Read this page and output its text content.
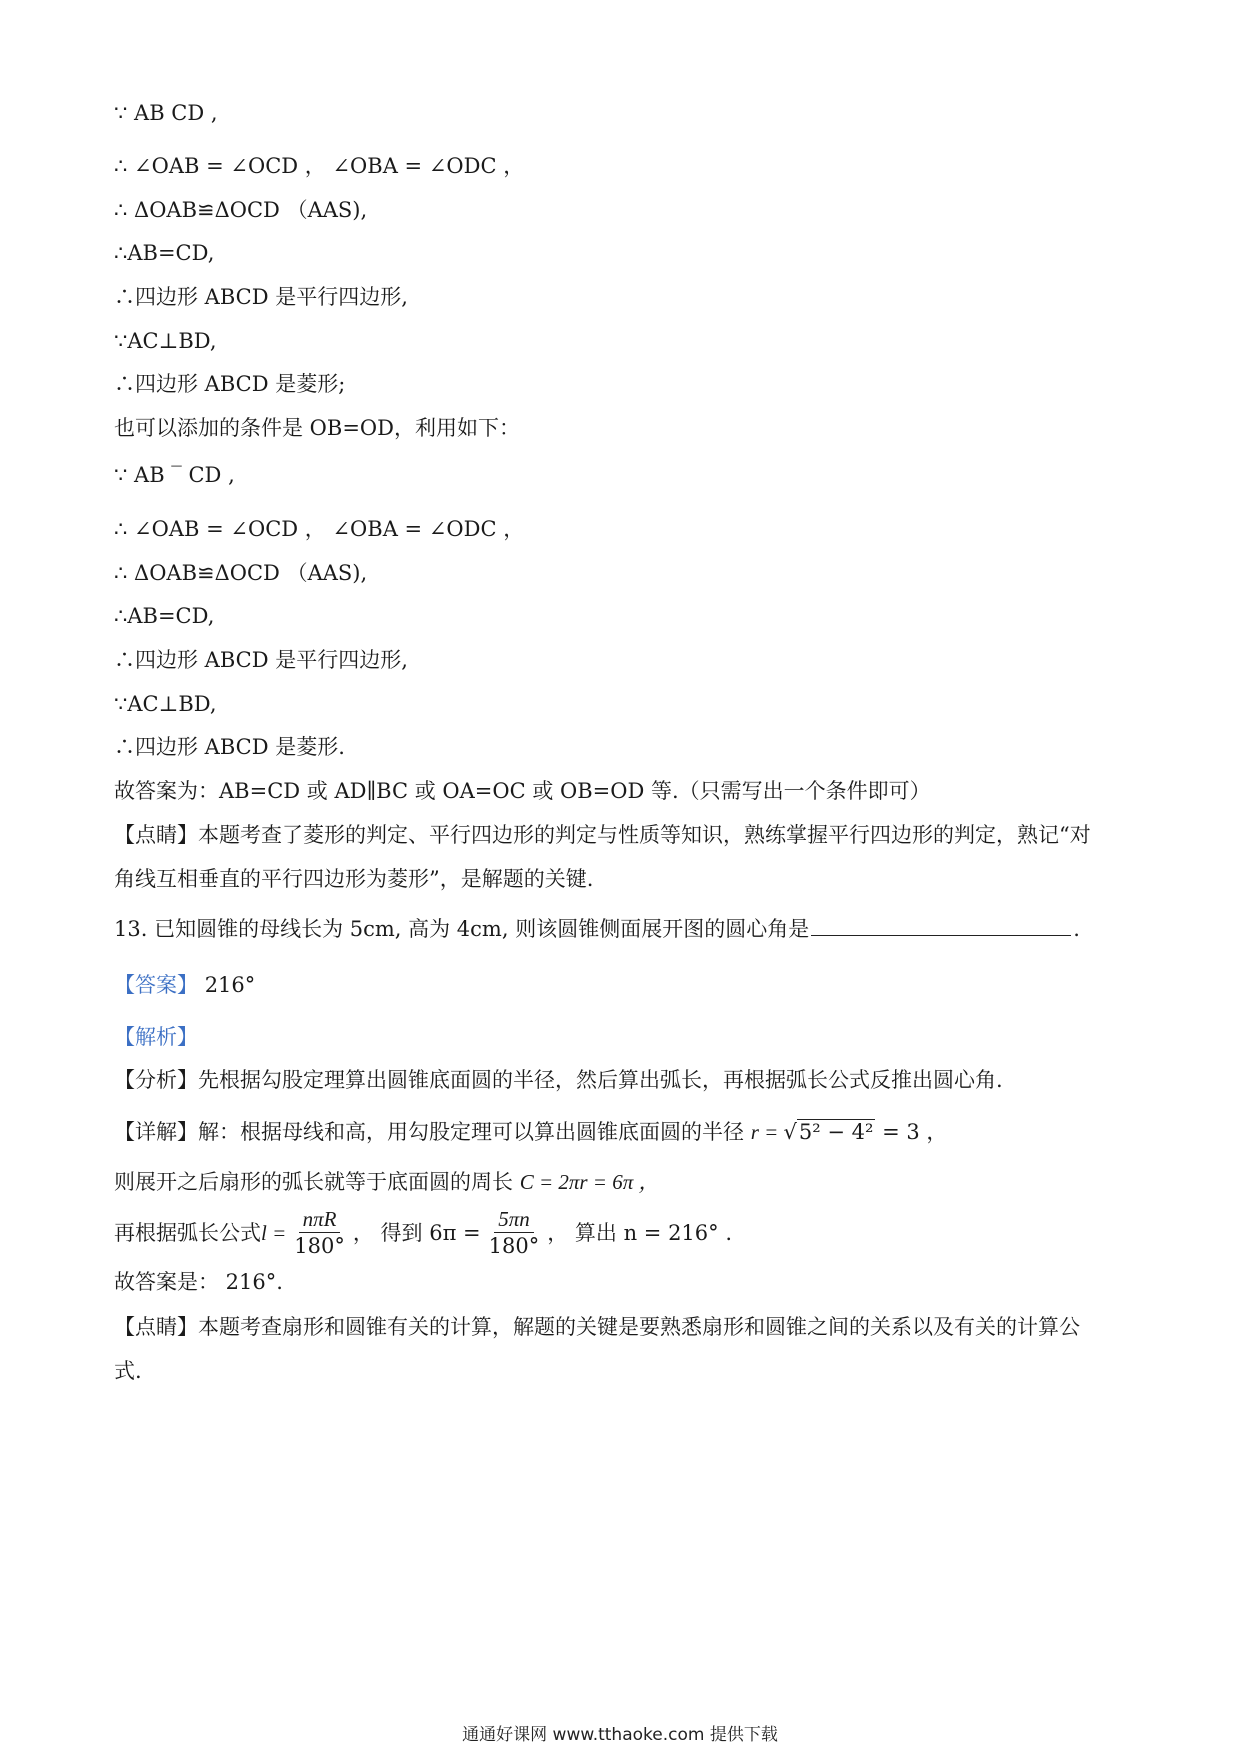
∵ AB CD ,
∴ ∠OAB = ∠OCD ， ∠OBA = ∠ODC ，
∴ ΔOAB≌ΔOCD （AAS),
∴AB=CD,
∴四边形 ABCD 是平行四边形,
∵AC⊥BD,
∴四边形 ABCD 是菱形;
也可以添加的条件是 OB=OD，利用如下：
∵ AB ‾ CD ,
∴ ∠OAB = ∠OCD ， ∠OBA = ∠ODC ，
∴ ΔOAB≌ΔOCD （AAS),
∴AB=CD,
∴四边形 ABCD 是平行四边形,
∵AC⊥BD,
∴四边形 ABCD 是菱形.
故答案为：AB=CD 或 AD∥BC 或 OA=OC 或 OB=OD 等.（只需写出一个条件即可）
【点睛】本题考查了菱形的判定、平行四边形的判定与性质等知识，熟练掌握平行四边形的判定，熟记“对
角线互相垂直的平行四边形为菱形”，是解题的关键.
13. 已知圆锥的母线长为 5cm, 高为 4cm, 则该圆锥侧面展开图的圆心角是	.
【答案】 216°
【解析】
【分析】先根据勾股定理算出圆锥底面圆的半径，然后算出弧长，再根据弧长公式反推出圆心角.
【详解】解：根据母线和高，用勾股定理可以算出圆锥底面圆的半径 r = √5² − 4² = 3 ，
则展开之后扇形的弧长就等于底面圆的周长 C = 2πr = 6π ，
再根据弧长公式 $l = \frac{\text{nπR}}{180^\circ}$ ， 得到 $6\pi = \frac{5\pi n}{180^\circ}$ ， 算出 n = 216° .
故答案是： 216°.
【点睛】本题考查扇形和圆锥有关的计算，解题的关键是要熟悉扇形和圆锥之间的关系以及有关的计算公
式.
通通好课网 www.tthaoke.com 提供下载
